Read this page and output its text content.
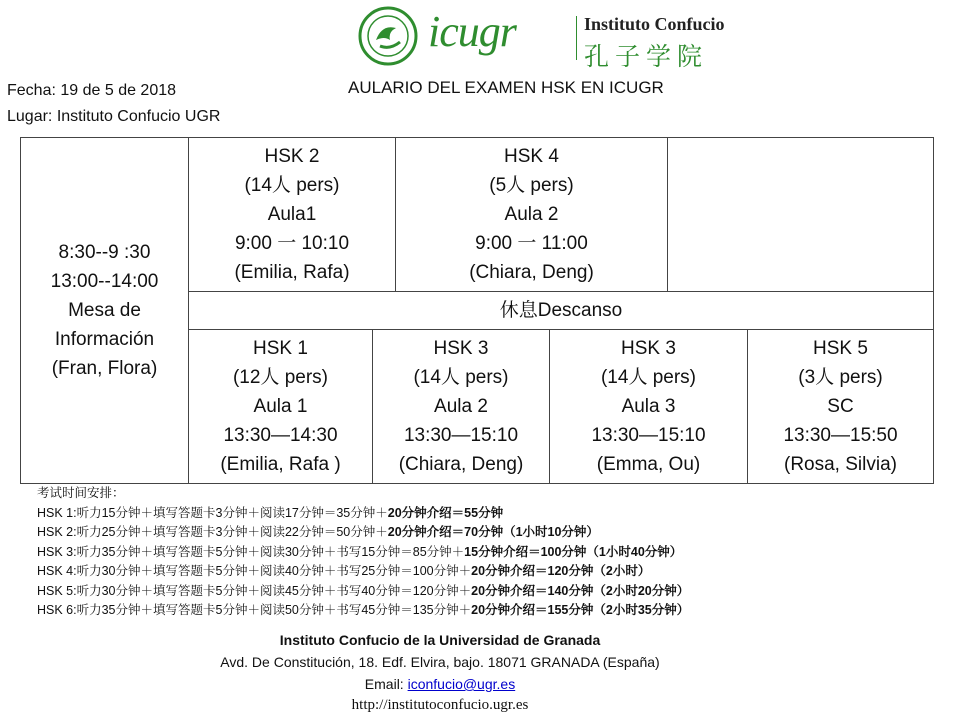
icugr	Instituto Confucio
孔子学院
Fecha: 19 de 5 de 2018
Lugar: Instituto Confucio UGR
AULARIO DEL EXAMEN HSK EN ICUGR
8:30--9 :30
13:00--14:00
Mesa de
Información
(Fran, Flora)
HSK 2
(14人 pers)
Aula1
9:00 一 10:10
(Emilia, Rafa)
HSK 4
(5人 pers)
Aula 2
9:00 一 11:00
(Chiara, Deng)
休息Descanso
HSK 1
(12人 pers)
Aula 1
13:30—14:30
(Emilia, Rafa )
HSK 3
(14人 pers)
Aula 2
13:30—15:10
(Chiara, Deng)
HSK 3
(14人 pers)
Aula 3
13:30—15:10
(Emma, Ou)
HSK 5
(3人 pers)
SC
13:30—15:50
(Rosa, Silvia)
考试时间安排：
HSK 1:听力15分钟＋填写答题卡3分钟＋阅读17分钟＝35分钟＋20分钟介绍＝55分钟
HSK 2:听力25分钟＋填写答题卡3分钟＋阅读22分钟＝50分钟＋20分钟介绍＝70分钟（1小时10分钟）
HSK 3:听力35分钟＋填写答题卡5分钟＋阅读30分钟＋书写15分钟＝85分钟＋15分钟介绍＝100分钟（1小时40分钟）
HSK 4:听力30分钟＋填写答题卡5分钟＋阅读40分钟＋书写25分钟＝100分钟＋20分钟介绍＝120分钟（2小时）
HSK 5:听力30分钟＋填写答题卡5分钟＋阅读45分钟＋书写40分钟＝120分钟＋20分钟介绍＝140分钟（2小时20分钟）
HSK 6:听力35分钟＋填写答题卡5分钟＋阅读50分钟＋书写45分钟＝135分钟＋20分钟介绍＝155分钟（2小时35分钟）
Instituto Confucio de la Universidad de Granada
Avd. De Constitución, 18. Edf. Elvira, bajo. 18071 GRANADA (España)
Email: iconfucio@ugr.es
http://institutoconfucio.ugr.es
